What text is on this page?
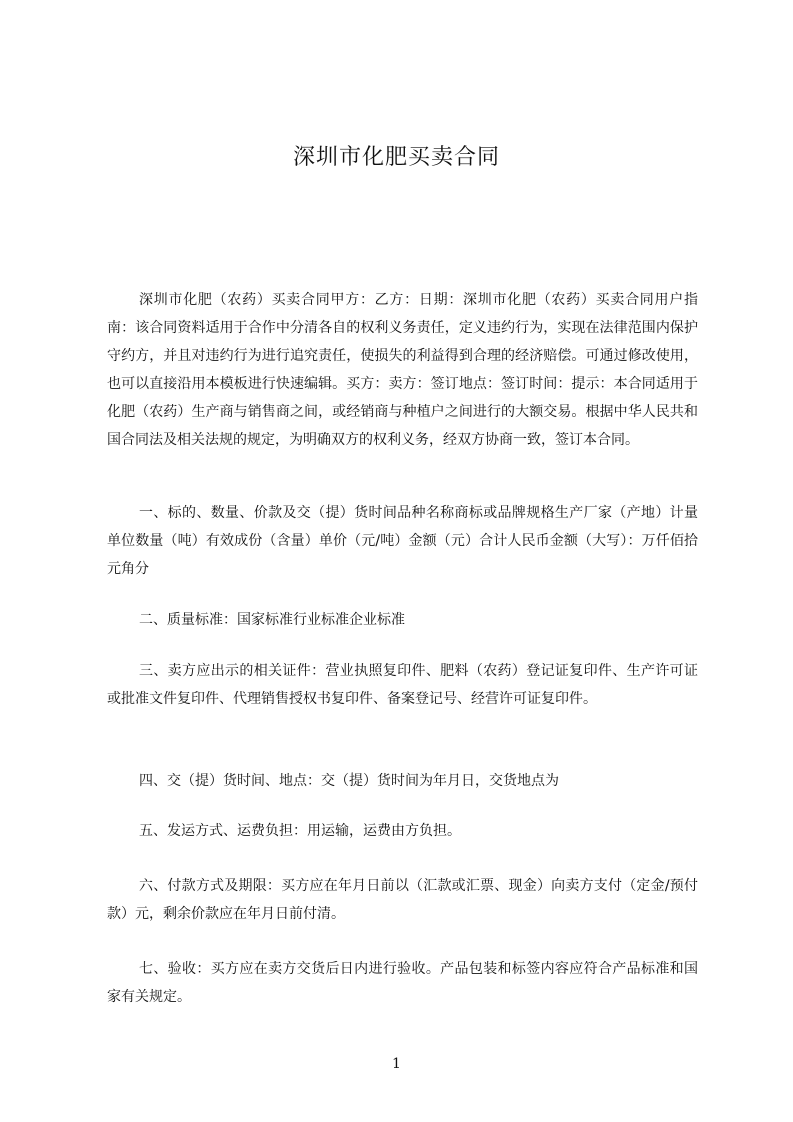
深圳市化肥买卖合同

深圳市化肥（农药）买卖合同甲方：乙方：日期：深圳市化肥（农药）买卖合同用户指南：该合同资料适用于合作中分清各自的权利义务责任，定义违约行为，实现在法律范围内保护守约方，并且对违约行为进行追究责任，使损失的利益得到合理的经济赔偿。可通过修改使用，也可以直接沿用本模板进行快速编辑。买方：卖方：签订地点：签订时间：提示：本合同适用于化肥（农药）生产商与销售商之间，或经销商与种植户之间进行的大额交易。根据中华人民共和国合同法及相关法规的规定，为明确双方的权利义务，经双方协商一致，签订本合同。

一、标的、数量、价款及交（提）货时间品种名称商标或品牌规格生产厂家（产地）计量单位数量（吨）有效成份（含量）单价（元/吨）金额（元）合计人民币金额（大写）：万仟佰拾元角分

二、质量标准：国家标准行业标准企业标准

三、卖方应出示的相关证件：营业执照复印件、肥料（农药）登记证复印件、生产许可证或批准文件复印件、代理销售授权书复印件、备案登记号、经营许可证复印件。

四、交（提）货时间、地点：交（提）货时间为年月日，交货地点为

五、发运方式、运费负担：用运输，运费由方负担。

六、付款方式及期限：买方应在年月日前以（汇款或汇票、现金）向卖方支付（定金/预付款）元，剩余价款应在年月日前付清。

七、验收：买方应在卖方交货后日内进行验收。产品包装和标签内容应符合产品标准和国家有关规定。

1
